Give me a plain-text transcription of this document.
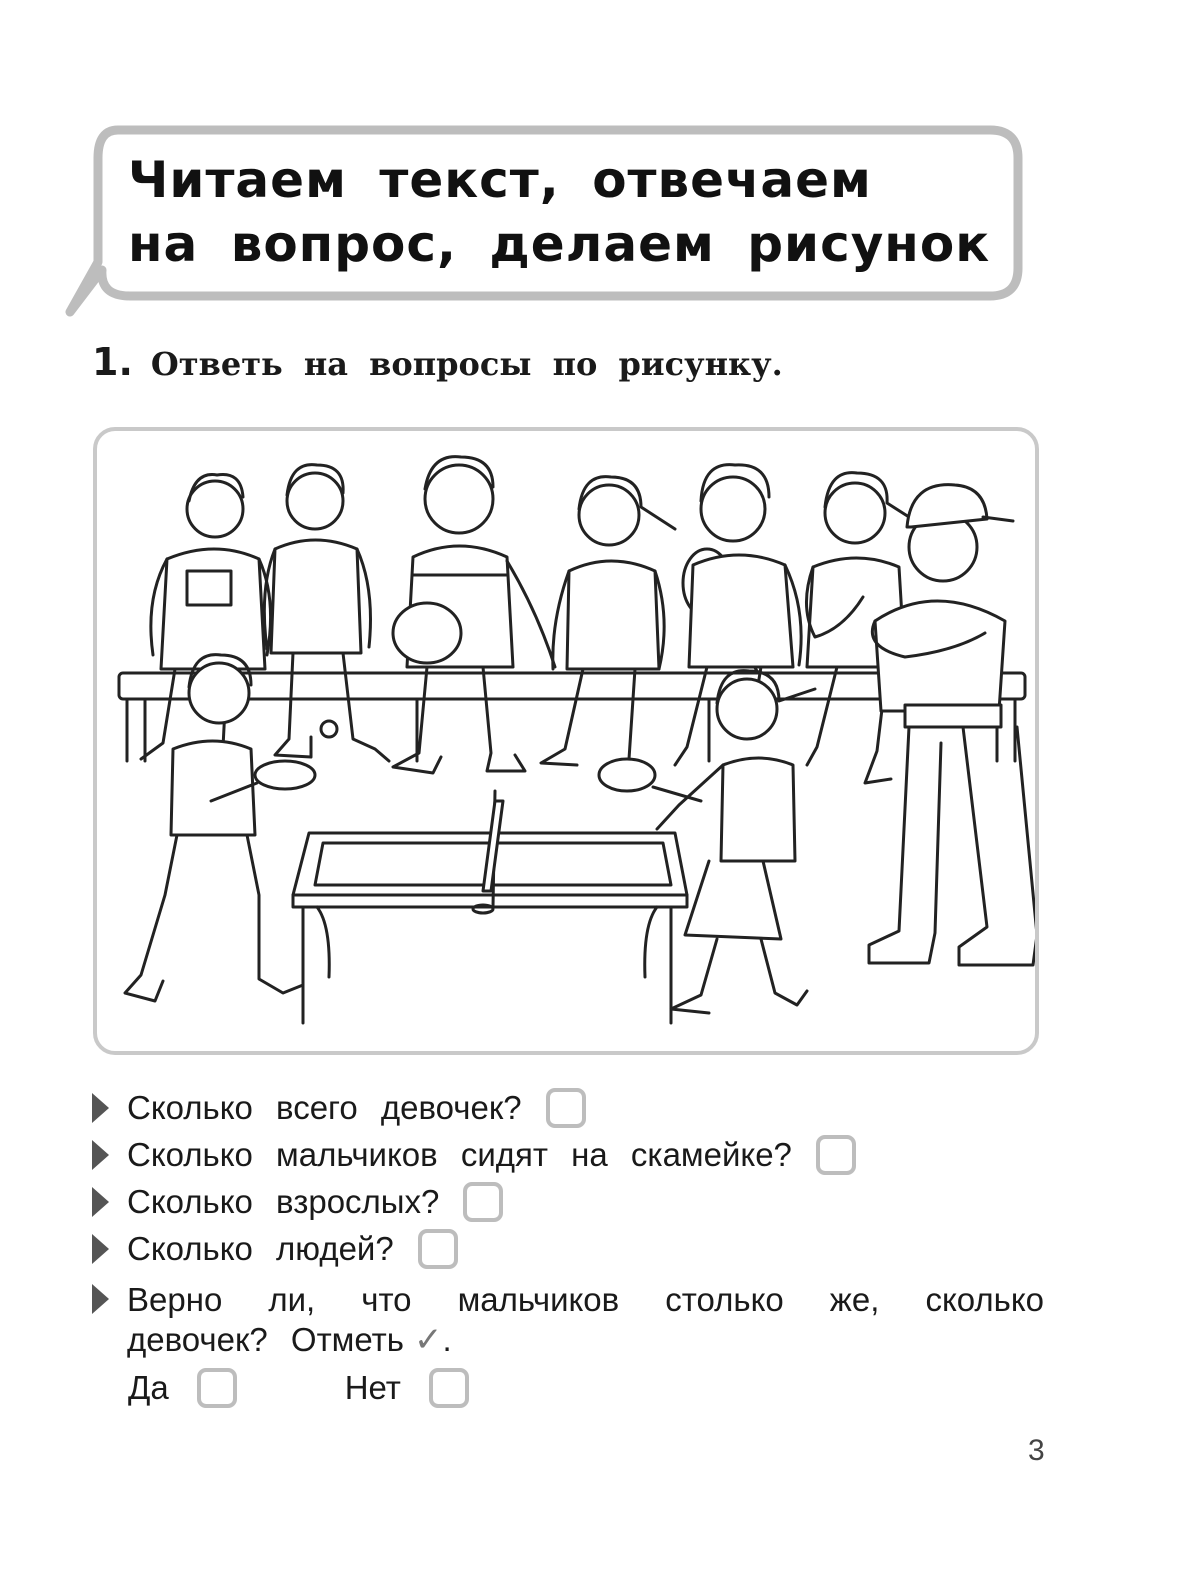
Читаем текст, отвечаем
на вопрос, делаем рисунок
1. Ответь на вопросы по рисунку.
Сколько всего девочек?
Сколько мальчиков сидят на скамейке?
Сколько взрослых?
Сколько людей?
Верно ли, что мальчиков столько же, сколько
девочек? Отметь ✓.
Да	Нет
3
